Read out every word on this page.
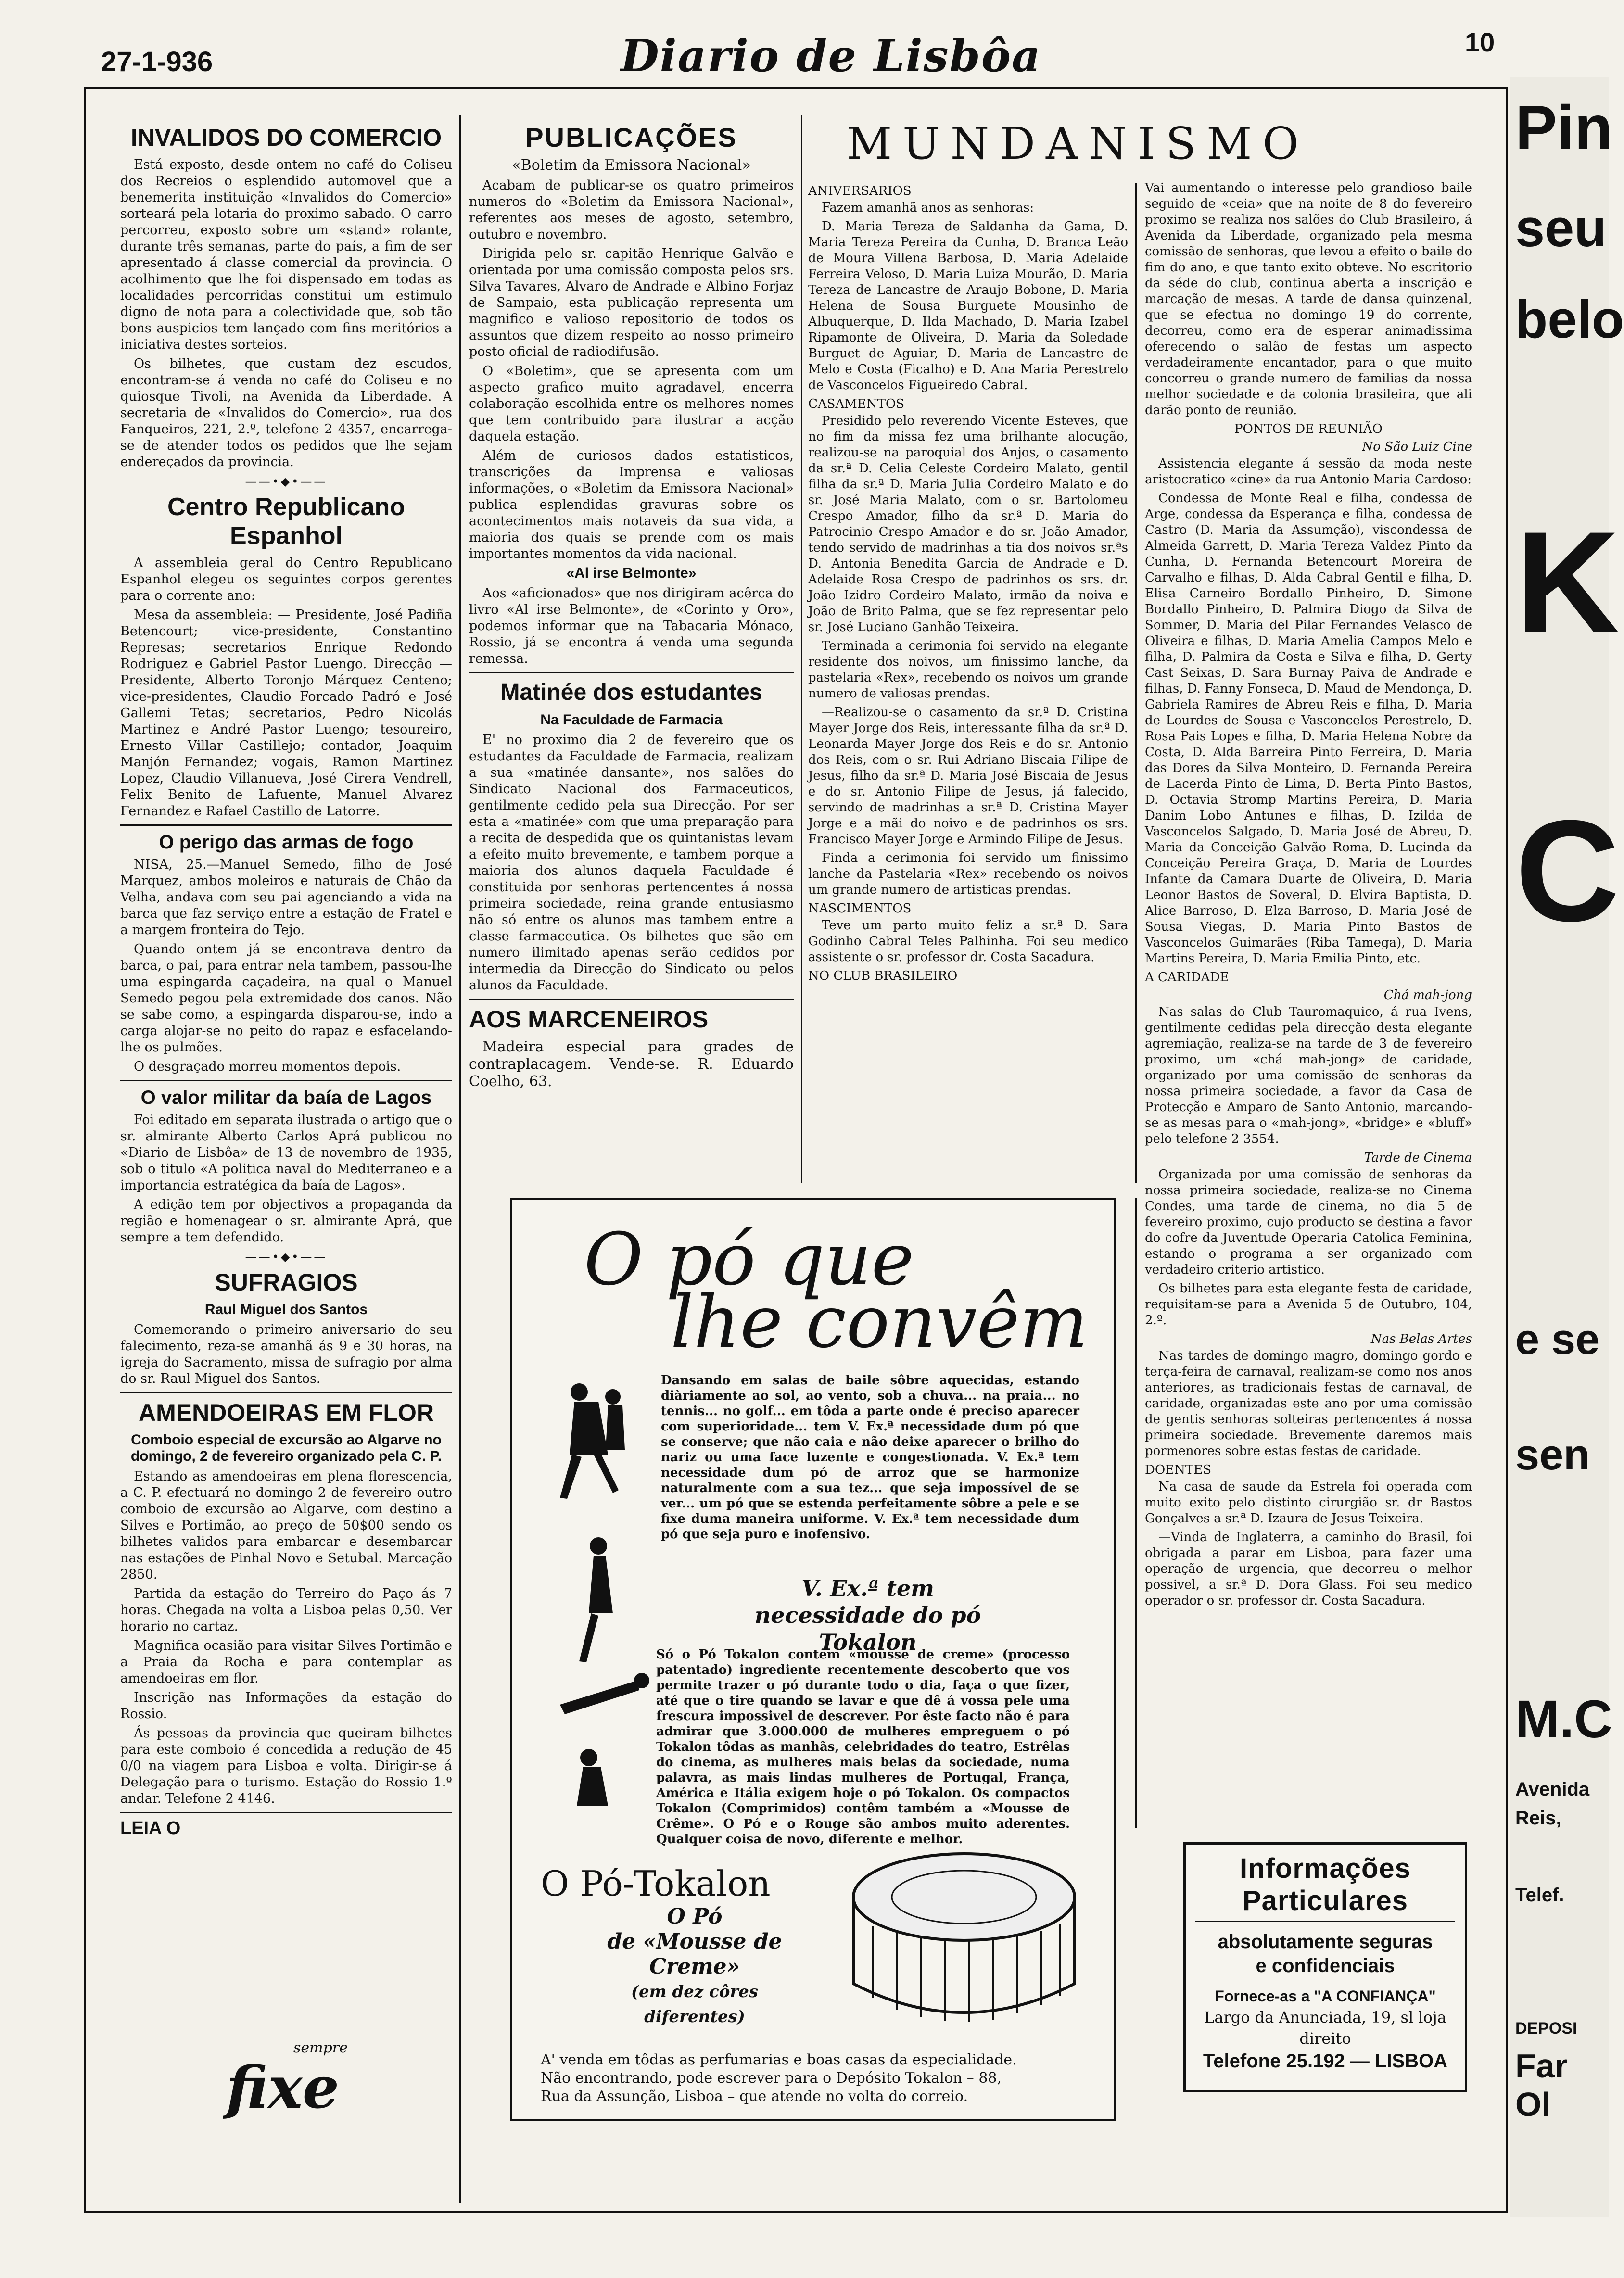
27-1-936	Diario de Lisbôa	10
Pin
seu
belo
K
C
e se
sen
M.C
Avenida
Reis,
Telef.
DEPOSI
Far
Ol
INVALIDOS DO COMERCIO

Está exposto, desde ontem no café do Coliseu dos Recreios o esplendido automovel que a benemerita instituição «Invalidos do Comercio» sorteará pela lotaria do proximo sabado. O carro percorreu, exposto sobre um «stand» rolante, durante três semanas, parte do país, a fim de ser apresentado á classe comercial da provincia. O acolhimento que lhe foi dispensado em todas as localidades percorridas constitui um estimulo digno de nota para a colectividade que, sob tão bons auspicios tem lançado com fins meritórios a iniciativa destes sorteios.

Os bilhetes, que custam dez escudos, encontram-se á venda no café do Coliseu e no quiosque Tivoli, na Avenida da Liberdade. A secretaria de «Invalidos do Comercio», rua dos Fanqueiros, 221, 2.º, telefone 2 4357, encarrega-se de atender todos os pedidos que lhe sejam endereçados da provincia.

——•◆•——
Centro Republicano Espanhol

A assembleia geral do Centro Republicano Espanhol elegeu os seguintes corpos gerentes para o corrente ano:

Mesa da assembleia: — Presidente, José Padiña Betencourt; vice-presidente, Constantino Represas; secretarios Enrique Redondo Rodriguez e Gabriel Pastor Luengo. Direcção — Presidente, Alberto Toronjo Márquez Centeno; vice-presidentes, Claudio Forcado Padró e José Gallemi Tetas; secretarios, Pedro Nicolás Martinez e André Pastor Luengo; tesoureiro, Ernesto Villar Castillejo; contador, Joaquim Manjón Fernandez; vogais, Ramon Martinez Lopez, Claudio Villanueva, José Cirera Vendrell, Felix Benito de Lafuente, Manuel Alvarez Fernandez e Rafael Castillo de Latorre.

O perigo das armas de fogo

NISA, 25.—Manuel Semedo, filho de José Marquez, ambos moleiros e naturais de Chão da Velha, andava com seu pai agenciando a vida na barca que faz serviço entre a estação de Fratel e a margem fronteira do Tejo.

Quando ontem já se encontrava dentro da barca, o pai, para entrar nela tambem, passou-lhe uma espingarda caçadeira, na qual o Manuel Semedo pegou pela extremidade dos canos. Não se sabe como, a espingarda disparou-se, indo a carga alojar-se no peito do rapaz e esfacelando-lhe os pulmões.

O desgraçado morreu momentos depois.

O valor militar da baía de Lagos

Foi editado em separata ilustrada o artigo que o sr. almirante Alberto Carlos Aprá publicou no «Diario de Lisbôa» de 13 de novembro de 1935, sob o titulo «A politica naval do Mediterraneo e a importancia estratégica da baía de Lagos».

A edição tem por objectivos a propaganda da região e homenagear o sr. almirante Aprá, que sempre a tem defendido.

——•◆•——
SUFRAGIOS
Raul Miguel dos Santos

Comemorando o primeiro aniversario do seu falecimento, reza-se amanhã ás 9 e 30 horas, na igreja do Sacramento, missa de sufragio por alma do sr. Raul Miguel dos Santos.

AMENDOEIRAS EM FLOR
Comboio especial de excursão ao Algarve no domingo, 2 de fevereiro organizado pela C. P.

Estando as amendoeiras em plena florescencia, a C. P. efectuará no domingo 2 de fevereiro outro comboio de excursão ao Algarve, com destino a Silves e Portimão, ao preço de 50$00 sendo os bilhetes validos para embarcar e desembarcar nas estações de Pinhal Novo e Setubal. Marcação 2850.

Partida da estação do Terreiro do Paço ás 7 horas. Chegada na volta a Lisboa pelas 0,50. Ver horario no cartaz.

Magnifica ocasião para visitar Silves Portimão e a Praia da Rocha e para contemplar as amendoeiras em flor.

Inscrição nas Informações da estação do Rossio.

Ás pessoas da provincia que queiram bilhetes para este comboio é concedida a redução de 45 0/0 na viagem para Lisboa e volta. Dirigir-se á Delegação para o turismo. Estação do Rossio 1.º andar. Telefone 2 4146.

LEIA O
sempre
fixe
PUBLICAÇÕES
«Boletim da Emissora Nacional»

Acabam de publicar-se os quatro primeiros numeros do «Boletim da Emissora Nacional», referentes aos meses de agosto, setembro, outubro e novembro.

Dirigida pelo sr. capitão Henrique Galvão e orientada por uma comissão composta pelos srs. Silva Tavares, Alvaro de Andrade e Albino Forjaz de Sampaio, esta publicação representa um magnifico e valioso repositorio de todos os assuntos que dizem respeito ao nosso primeiro posto oficial de radiodifusão.

O «Boletim», que se apresenta com um aspecto grafico muito agradavel, encerra colaboração escolhida entre os melhores nomes que tem contribuido para ilustrar a acção daquela estação.

Além de curiosos dados estatisticos, transcrições da Imprensa e valiosas informações, o «Boletim da Emissora Nacional» publica esplendidas gravuras sobre os acontecimentos mais notaveis da sua vida, a maioria dos quais se prende com os mais importantes momentos da vida nacional.

«Al irse Belmonte»

Aos «aficionados» que nos dirigiram acêrca do livro «Al irse Belmonte», de «Corinto y Oro», podemos informar que na Tabacaria Mónaco, Rossio, já se encontra á venda uma segunda remessa.

Matinée dos estudantes
Na Faculdade de Farmacia

E' no proximo dia 2 de fevereiro que os estudantes da Faculdade de Farmacia, realizam a sua «matinée dansante», nos salões do Sindicato Nacional dos Farmaceuticos, gentilmente cedido pela sua Direcção. Por ser esta a «matinée» com que uma preparação para a recita de despedida que os quintanistas levam a efeito muito brevemente, e tambem porque a maioria dos alunos daquela Faculdade é constituida por senhoras pertencentes á nossa primeira sociedade, reina grande entusiasmo não só entre os alunos mas tambem entre a classe farmaceutica. Os bilhetes que são em numero ilimitado apenas serão cedidos por intermedia da Direcção do Sindicato ou pelos alunos da Faculdade.

AOS MARCENEIROS

Madeira especial para grades de contraplacagem. Vende-se. R. Eduardo Coelho, 63.

MUNDANISMO
ANIVERSARIOS

Fazem amanhã anos as senhoras:

D. Maria Tereza de Saldanha da Gama, D. Maria Tereza Pereira da Cunha, D. Branca Leão de Moura Villena Barbosa, D. Maria Adelaide Ferreira Veloso, D. Maria Luiza Mourão, D. Maria Tereza de Lancastre de Araujo Bobone, D. Maria Helena de Sousa Burguete Mousinho de Albuquerque, D. Ilda Machado, D. Maria Izabel Ripamonte de Oliveira, D. Maria da Soledade Burguet de Aguiar, D. Maria de Lancastre de Melo e Costa (Ficalho) e D. Ana Maria Perestrelo de Vasconcelos Figueiredo Cabral.

CASAMENTOS

Presidido pelo reverendo Vicente Esteves, que no fim da missa fez uma brilhante alocução, realizou-se na paroquial dos Anjos, o casamento da sr.ª D. Celia Celeste Cordeiro Malato, gentil filha da sr.ª D. Maria Julia Cordeiro Malato e do sr. José Maria Malato, com o sr. Bartolomeu Crespo Amador, filho da sr.ª D. Maria do Patrocinio Crespo Amador e do sr. João Amador, tendo servido de madrinhas a tia dos noivos sr.ªs D. Antonia Benedita Garcia de Andrade e D. Adelaide Rosa Crespo de padrinhos os srs. dr. João Izidro Cordeiro Malato, irmão da noiva e João de Brito Palma, que se fez representar pelo sr. José Luciano Ganhão Teixeira.

Terminada a cerimonia foi servido na elegante residente dos noivos, um finissimo lanche, da pastelaria «Rex», recebendo os noivos um grande numero de valiosas prendas.

—Realizou-se o casamento da sr.ª D. Cristina Mayer Jorge dos Reis, interessante filha da sr.ª D. Leonarda Mayer Jorge dos Reis e do sr. Antonio dos Reis, com o sr. Rui Adriano Biscaia Filipe de Jesus, filho da sr.ª D. Maria José Biscaia de Jesus e do sr. Antonio Filipe de Jesus, já falecido, servindo de madrinhas a sr.ª D. Cristina Mayer Jorge e a mãi do noivo e de padrinhos os srs. Francisco Mayer Jorge e Armindo Filipe de Jesus.

Finda a cerimonia foi servido um finissimo lanche da Pastelaria «Rex» recebendo os noivos um grande numero de artisticas prendas.

NASCIMENTOS

Teve um parto muito feliz a sr.ª D. Sara Godinho Cabral Teles Palhinha. Foi seu medico assistente o sr. professor dr. Costa Sacadura.

NO CLUB BRASILEIRO

Vai aumentando o interesse pelo grandioso baile seguido de «ceia» que na noite de 8 do fevereiro proximo se realiza nos salões do Club Brasileiro, á Avenida da Liberdade, organizado pela mesma comissão de senhoras, que levou a efeito o baile do fim do ano, e que tanto exito obteve. No escritorio da séde do club, continua aberta a inscrição e marcação de mesas. A tarde de dansa quinzenal, que se efectua no domingo 19 do corrente, decorreu, como era de esperar animadissima oferecendo o salão de festas um aspecto verdadeiramente encantador, para o que muito concorreu o grande numero de familias da nossa melhor sociedade e da colonia brasileira, que ali darão ponto de reunião.

PONTOS DE REUNIÃO
No São Luiz Cine

Assistencia elegante á sessão da moda neste aristocratico «cine» da rua Antonio Maria Cardoso:

Condessa de Monte Real e filha, condessa de Arge, condessa da Esperança e filha, condessa de Castro (D. Maria da Assumção), viscondessa de Almeida Garrett, D. Maria Tereza Valdez Pinto da Cunha, D. Fernanda Betencourt Moreira de Carvalho e filhas, D. Alda Cabral Gentil e filha, D. Elisa Carneiro Bordallo Pinheiro, D. Simone Bordallo Pinheiro, D. Palmira Diogo da Silva de Sommer, D. Maria del Pilar Fernandes Velasco de Oliveira e filhas, D. Maria Amelia Campos Melo e filha, D. Palmira da Costa e Silva e filha, D. Gerty Cast Seixas, D. Sara Burnay Paiva de Andrade e filhas, D. Fanny Fonseca, D. Maud de Mendonça, D. Gabriela Ramires de Abreu Reis e filha, D. Maria de Lourdes de Sousa e Vasconcelos Perestrelo, D. Rosa Pais Lopes e filha, D. Maria Helena Nobre da Costa, D. Alda Barreira Pinto Ferreira, D. Maria das Dores da Silva Monteiro, D. Fernanda Pereira de Lacerda Pinto de Lima, D. Berta Pinto Bastos, D. Octavia Stromp Martins Pereira, D. Maria Danim Lobo Antunes e filhas, D. Izilda de Vasconcelos Salgado, D. Maria José de Abreu, D. Maria da Conceição Galvão Roma, D. Lucinda da Conceição Pereira Graça, D. Maria de Lourdes Infante da Camara Duarte de Oliveira, D. Maria Leonor Bastos de Soveral, D. Elvira Baptista, D. Alice Barroso, D. Elza Barroso, D. Maria José de Sousa Viegas, D. Maria Pinto Bastos de Vasconcelos Guimarães (Riba Tamega), D. Maria Martins Pereira, D. Maria Emilia Pinto, etc.

A CARIDADE
Chá mah-jong

Nas salas do Club Tauromaquico, á rua Ivens, gentilmente cedidas pela direcção desta elegante agremiação, realiza-se na tarde de 3 de fevereiro proximo, um «chá mah-jong» de caridade, organizado por uma comissão de senhoras da nossa primeira sociedade, a favor da Casa de Protecção e Amparo de Santo Antonio, marcando-se as mesas para o «mah-jong», «bridge» e «bluff» pelo telefone 2 3554.

Tarde de Cinema

Organizada por uma comissão de senhoras da nossa primeira sociedade, realiza-se no Cinema Condes, uma tarde de cinema, no dia 5 de fevereiro proximo, cujo producto se destina a favor do cofre da Juventude Operaria Catolica Feminina, estando o programa a ser organizado com verdadeiro criterio artistico.

Os bilhetes para esta elegante festa de caridade, requisitam-se para a Avenida 5 de Outubro, 104, 2.º.

Nas Belas Artes

Nas tardes de domingo magro, domingo gordo e terça-feira de carnaval, realizam-se como nos anos anteriores, as tradicionais festas de carnaval, de caridade, organizadas este ano por uma comissão de gentis senhoras solteiras pertencentes á nossa primeira sociedade. Brevemente daremos mais pormenores sobre estas festas de caridade.

DOENTES

Na casa de saude da Estrela foi operada com muito exito pelo distinto cirurgião sr. dr Bastos Gonçalves a sr.ª D. Izaura de Jesus Teixeira.

—Vinda de Inglaterra, a caminho do Brasil, foi obrigada a parar em Lisboa, para fazer uma operação de urgencia, que decorreu o melhor possivel, a sr.ª D. Dora Glass. Foi seu medico operador o sr. professor dr. Costa Sacadura.

O pó que
lhe convêm
Dansando em salas de baile sôbre aquecidas, estando diàriamente ao sol, ao vento, sob a chuva... na praia... no tennis... no golf... em tôda a parte onde é preciso aparecer com superioridade... tem V. Ex.ª necessidade dum pó que se conserve; que não caia e não deixe aparecer o brilho do nariz ou uma face luzente e congestionada. V. Ex.ª tem necessidade dum pó de arroz que se harmonize naturalmente com a sua tez... que seja impossível de se ver... um pó que se estenda perfeitamente sôbre a pele e se fixe duma maneira uniforme. V. Ex.ª tem necessidade dum pó que seja puro e inofensivo.
V. Ex.ª tem
necessidade do pó Tokalon
Só o Pó Tokalon contem «mousse de creme» (processo patentado) ingrediente recentemente descoberto que vos permite trazer o pó durante todo o dia, faça o que fizer, até que o tire quando se lavar e que dê á vossa pele uma frescura impossivel de descrever. Por êste facto não é para admirar que 3.000.000 de mulheres empreguem o pó Tokalon tôdas as manhãs, celebridades do teatro, Estrêlas do cinema, as mulheres mais belas da sociedade, numa palavra, as mais lindas mulheres de Portugal, França, América e Itália exigem hoje o pó Tokalon. Os compactos Tokalon (Comprimidos) contêm também a «Mousse de Crême». O Pó e o Rouge são ambos muito aderentes. Qualquer coisa de novo, diferente e melhor.
O Pó-Tokalon
O Pó
de «Mousse de Creme»
(em dez côres diferentes)
A' venda em tôdas as perfumarias e boas casas da especialidade.
Não encontrando, pode escrever para o Depósito Tokalon – 88,
Rua da Assunção, Lisboa – que atende no volta do correio.
Informações Particulares
absolutamente seguras
e confidenciais
Fornece-as a "A CONFIANÇA"
Largo da Anunciada, 19, sl loja direito
Telefone 25.192 — LISBOA
